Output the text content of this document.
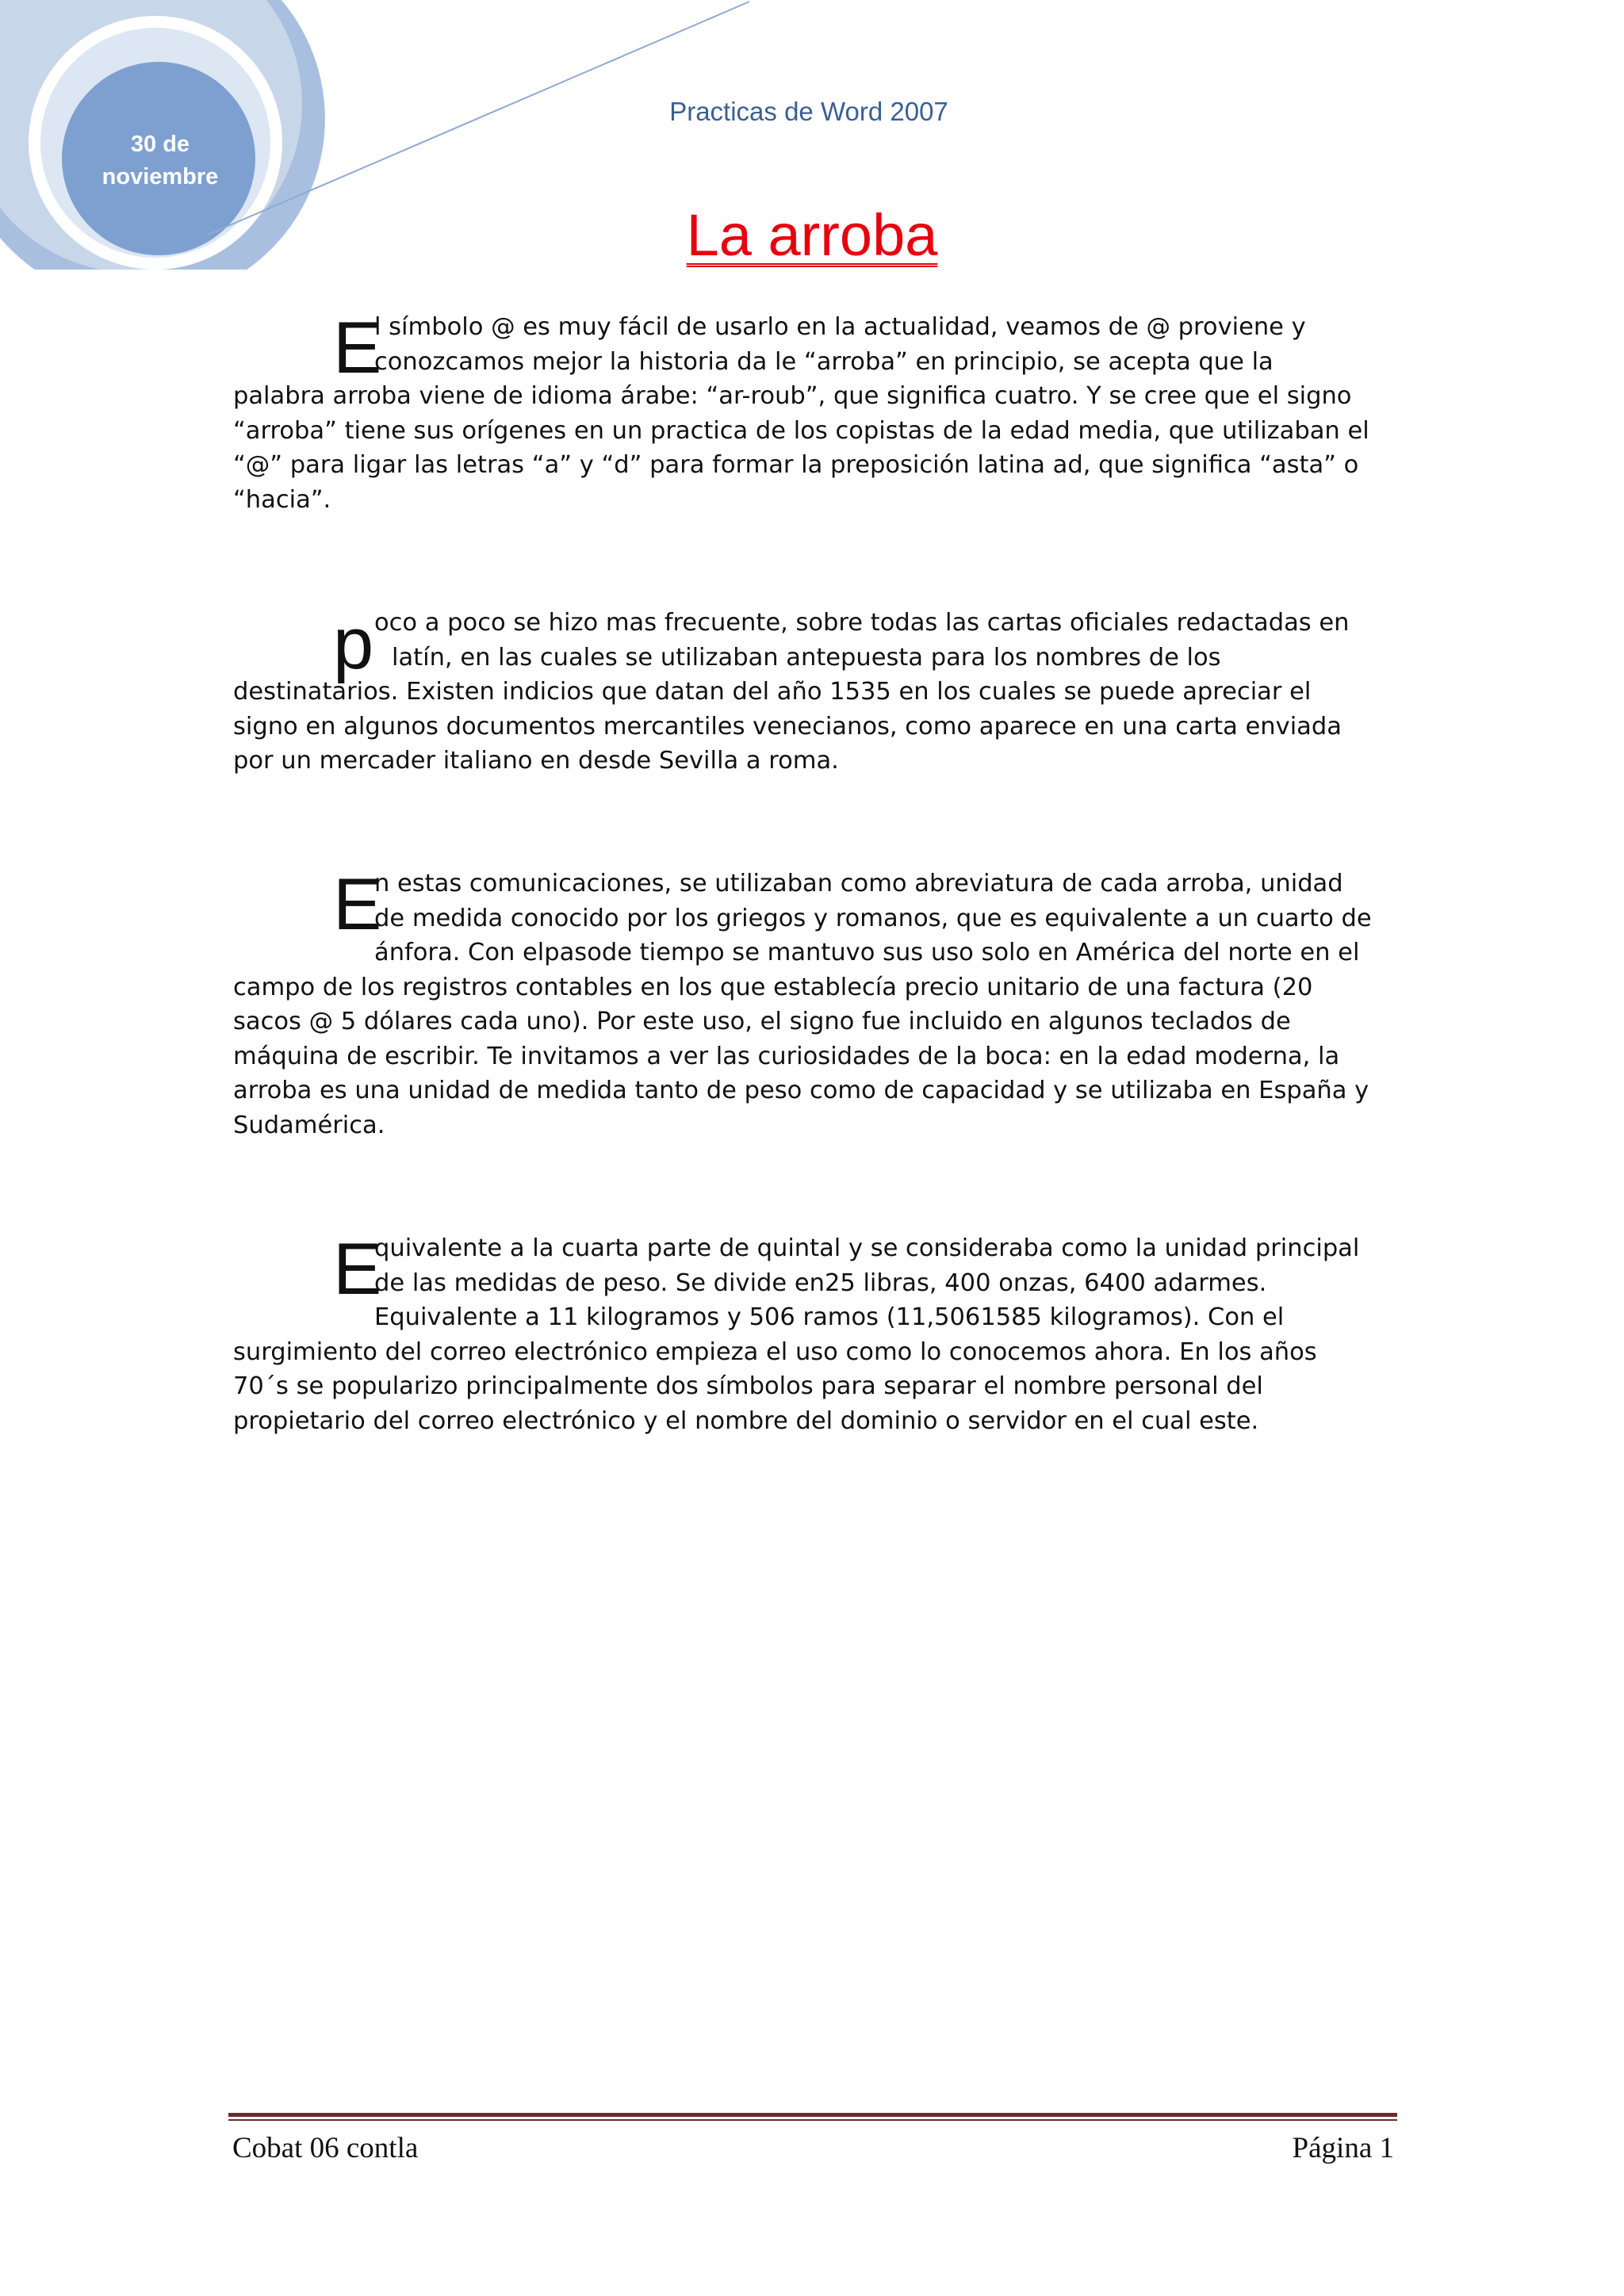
30 de
noviembre
Practicas de Word 2007
La arroba
E
l símbolo @ es muy fácil de usarlo en la actualidad, veamos de @ proviene y
conozcamos mejor la historia da le “arroba” en principio, se acepta que la
palabra arroba viene de idioma árabe: “ar-roub”, que significa cuatro. Y se cree que el signo
“arroba” tiene sus orígenes en un practica de los copistas de la edad media, que utilizaban el
“@” para ligar las letras “a” y “d” para formar la preposición latina ad, que significa “asta” o
“hacia”.
p oco a poco se hizo mas frecuente, sobre todas las cartas oficiales redactadas en
latín, en las cuales se utilizaban antepuesta para los nombres de los
destinatarios. Existen indicios que datan del año 1535 en los cuales se puede apreciar el
signo en algunos documentos mercantiles venecianos, como aparece en una carta enviada
por un mercader italiano en desde Sevilla a roma.
E
n estas comunicaciones, se utilizaban como abreviatura de cada arroba, unidad
de medida conocido por los griegos y romanos, que es equivalente a un cuarto de
ánfora. Con elpasode tiempo se mantuvo sus uso solo en América del norte en el
campo de los registros contables en los que establecía precio unitario de una factura (20
sacos @ 5 dólares cada uno). Por este uso, el signo fue incluido en algunos teclados de
máquina de escribir. Te invitamos a ver las curiosidades de la boca: en la edad moderna, la
arroba es una unidad de medida tanto de peso como de capacidad y se utilizaba en España y
Sudamérica.
E
quivalente a la cuarta parte de quintal y se consideraba como la unidad principal
de las medidas de peso. Se divide en25 libras, 400 onzas, 6400 adarmes.
Equivalente a 11 kilogramos y 506 ramos (11,5061585 kilogramos). Con el
surgimiento del correo electrónico empieza el uso como lo conocemos ahora. En los años
70´s se popularizo principalmente dos símbolos para separar el nombre personal del
propietario del correo electrónico y el nombre del dominio o servidor en el cual este.
Cobat 06 contla	Página 1
